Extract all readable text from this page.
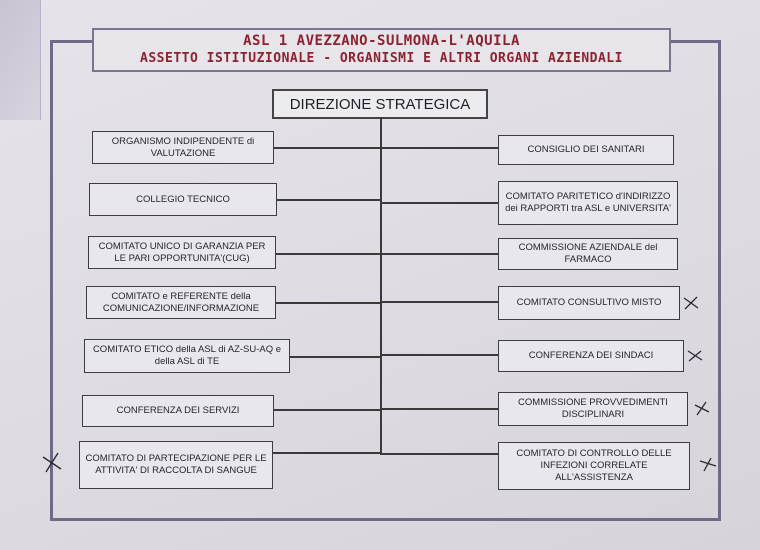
ASL 1 AVEZZANO-SULMONA-L'AQUILA
ASSETTO ISTITUZIONALE - ORGANISMI E ALTRI ORGANI AZIENDALI
DIREZIONE STRATEGICA
ORGANISMO INDIPENDENTE di VALUTAZIONE
COLLEGIO TECNICO
COMITATO UNICO DI GARANZIA PER LE PARI OPPORTUNITA'(CUG)
COMITATO e REFERENTE della COMUNICAZIONE/INFORMAZIONE
COMITATO ETICO della ASL di AZ-SU-AQ e della ASL di TE
CONFERENZA DEI SERVIZI
COMITATO DI PARTECIPAZIONE PER LE ATTIVITA' DI RACCOLTA DI SANGUE
CONSIGLIO DEI SANITARI
COMITATO PARITETICO d'INDIRIZZO dei RAPPORTI tra ASL e UNIVERSITA'
COMMISSIONE AZIENDALE del FARMACO
COMITATO CONSULTIVO MISTO
CONFERENZA DEI SINDACI
COMMISSIONE PROVVEDIMENTI DISCIPLINARI
COMITATO DI CONTROLLO DELLE INFEZIONI CORRELATE ALL'ASSISTENZA
